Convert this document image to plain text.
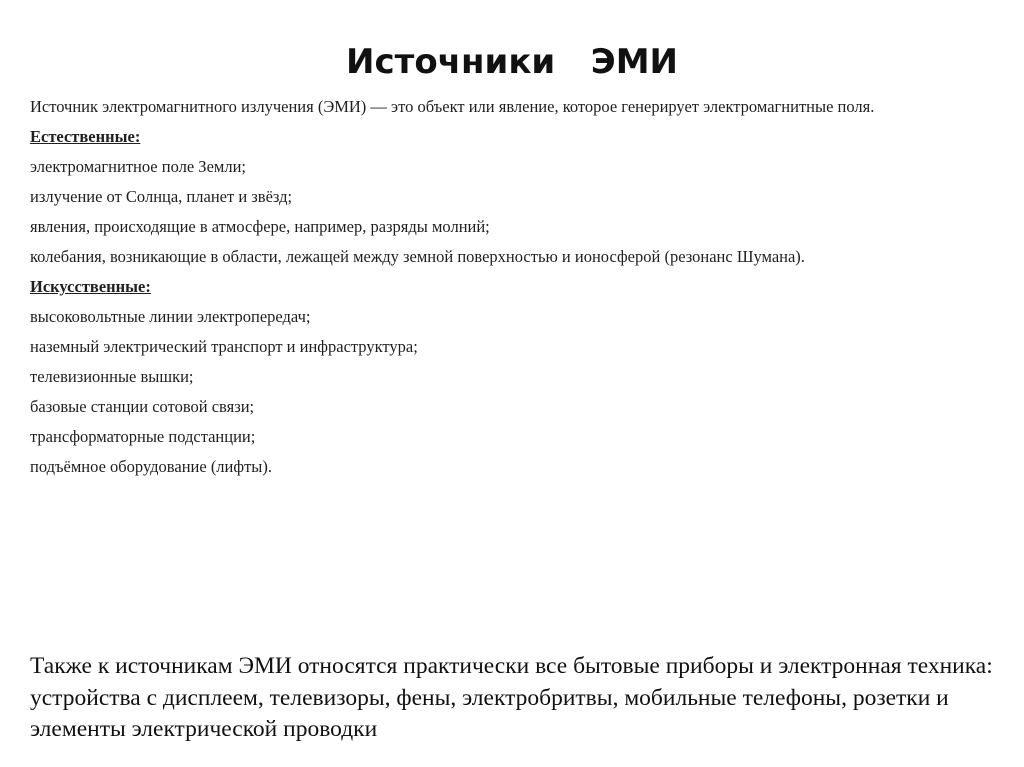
Источники   ЭМИ

Источник электромагнитного излучения (ЭМИ) — это объект или явление, которое генерирует электромагнитные поля.

Естественные:

электромагнитное поле Земли;

излучение от Солнца, планет и звёзд;

явления, происходящие в атмосфере, например, разряды молний;

колебания, возникающие в области, лежащей между земной поверхностью и ионосферой (резонанс Шумана).

Искусственные:

высоковольтные линии электропередач;

наземный электрический транспорт и инфраструктура;

телевизионные вышки;

базовые станции сотовой связи;

трансформаторные подстанции;

подъёмное оборудование (лифты).

Также к источникам ЭМИ относятся практически все бытовые приборы и электронная техника: устройства с дисплеем, телевизоры, фены, электробритвы, мобильные телефоны, розетки и элементы электрической проводки
